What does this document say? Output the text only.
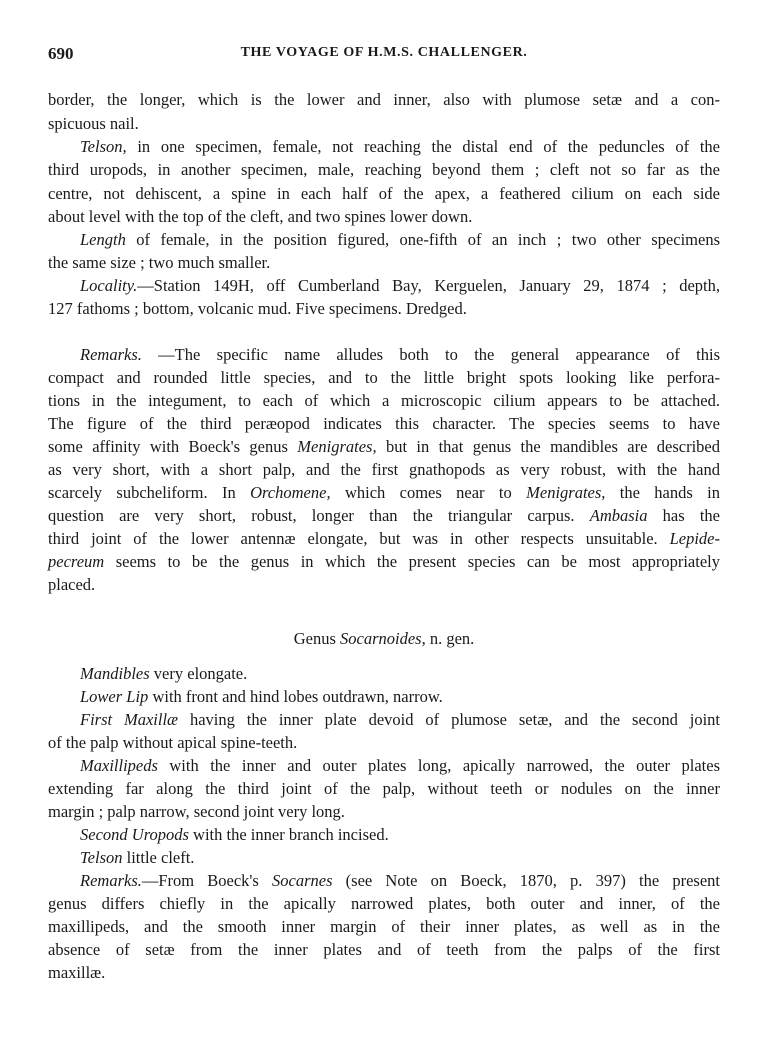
690	THE VOYAGE OF H.M.S. CHALLENGER.
border, the longer, which is the lower and inner, also with plumose setæ and a con-
spicuous nail.
Telson, in one specimen, female, not reaching the distal end of the peduncles of the
third uropods, in another specimen, male, reaching beyond them ; cleft not so far as the
centre, not dehiscent, a spine in each half of the apex, a feathered cilium on each side
about level with the top of the cleft, and two spines lower down.
Length of female, in the position figured, one-fifth of an inch ; two other specimens
the same size ; two much smaller.
Locality.—Station 149H, off Cumberland Bay, Kerguelen, January 29, 1874 ; depth,
127 fathoms ; bottom, volcanic mud. Five specimens. Dredged.
Remarks. —The specific name alludes both to the general appearance of this
compact and rounded little species, and to the little bright spots looking like perfora-
tions in the integument, to each of which a microscopic cilium appears to be attached.
The figure of the third peræopod indicates this character. The species seems to have
some affinity with Boeck's genus Menigrates, but in that genus the mandibles are described
as very short, with a short palp, and the first gnathopods as very robust, with the hand
scarcely subcheliform. In Orchomene, which comes near to Menigrates, the hands in
question are very short, robust, longer than the triangular carpus. Ambasia has the
third joint of the lower antennæ elongate, but was in other respects unsuitable. Lepide-
pecreum seems to be the genus in which the present species can be most appropriately
placed.
Genus Socarnoides, n. gen.
Mandibles very elongate.
Lower Lip with front and hind lobes outdrawn, narrow.
First Maxillæ having the inner plate devoid of plumose setæ, and the second joint
of the palp without apical spine-teeth.
Maxillipeds with the inner and outer plates long, apically narrowed, the outer plates
extending far along the third joint of the palp, without teeth or nodules on the inner
margin ; palp narrow, second joint very long.
Second Uropods with the inner branch incised.
Telson little cleft.
Remarks.—From Boeck's Socarnes (see Note on Boeck, 1870, p. 397) the present
genus differs chiefly in the apically narrowed plates, both outer and inner, of the
maxillipeds, and the smooth inner margin of their inner plates, as well as in the
absence of setæ from the inner plates and of teeth from the palps of the first
maxillæ.
